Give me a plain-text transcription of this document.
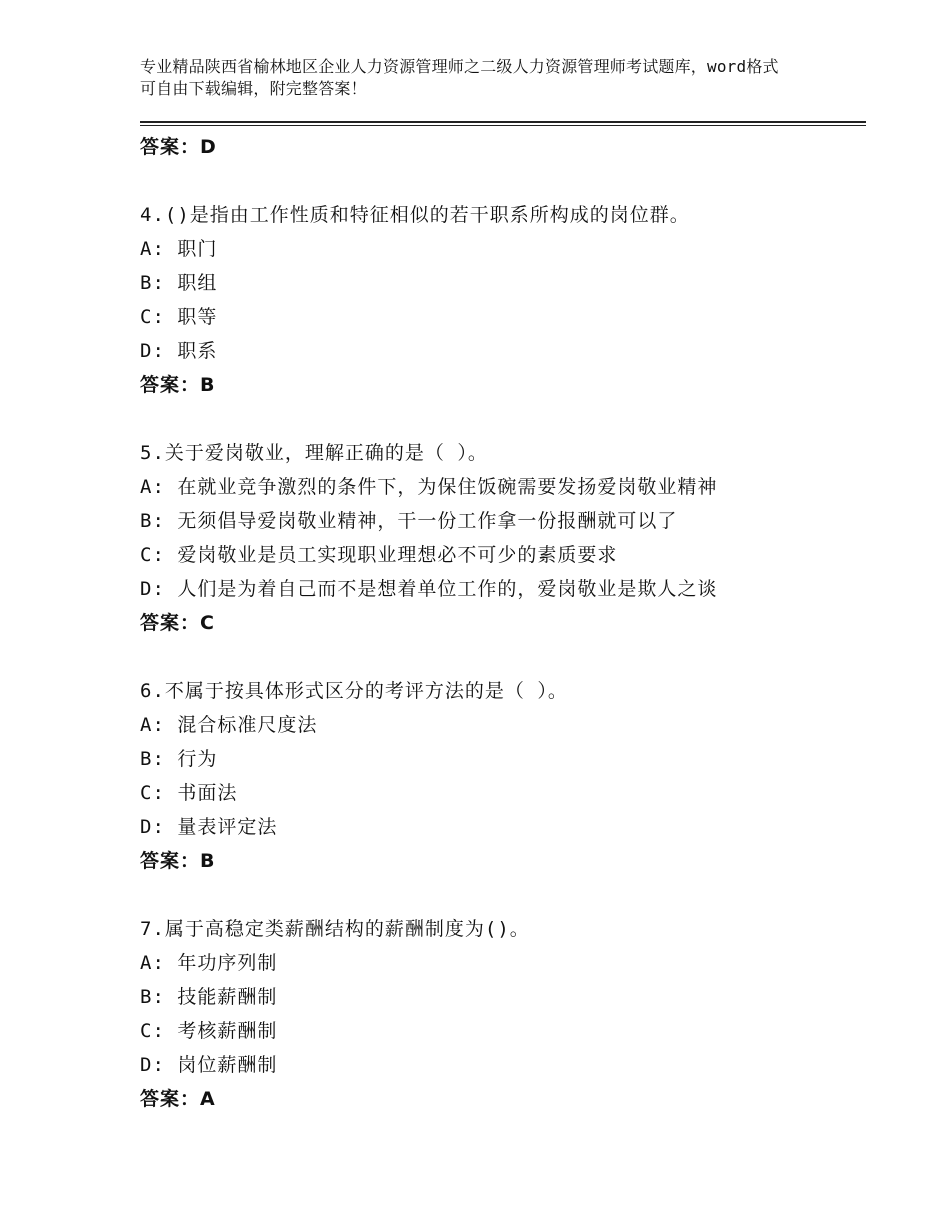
专业精品陕西省榆林地区企业人力资源管理师之二级人力资源管理师考试题库，word格式可自由下载编辑，附完整答案！
答案：D
4.()是指由工作性质和特征相似的若干职系所构成的岗位群。
A: 职门
B: 职组
C: 职等
D: 职系
答案：B
5.关于爱岗敬业，理解正确的是（ ）。
A: 在就业竞争激烈的条件下，为保住饭碗需要发扬爱岗敬业精神
B: 无须倡导爱岗敬业精神，干一份工作拿一份报酬就可以了
C: 爱岗敬业是员工实现职业理想必不可少的素质要求
D: 人们是为着自己而不是想着单位工作的，爱岗敬业是欺人之谈
答案：C
6.不属于按具体形式区分的考评方法的是（ ）。
A: 混合标准尺度法
B: 行为
C: 书面法
D: 量表评定法
答案：B
7.属于高稳定类薪酬结构的薪酬制度为()。
A: 年功序列制
B: 技能薪酬制
C: 考核薪酬制
D: 岗位薪酬制
答案：A
